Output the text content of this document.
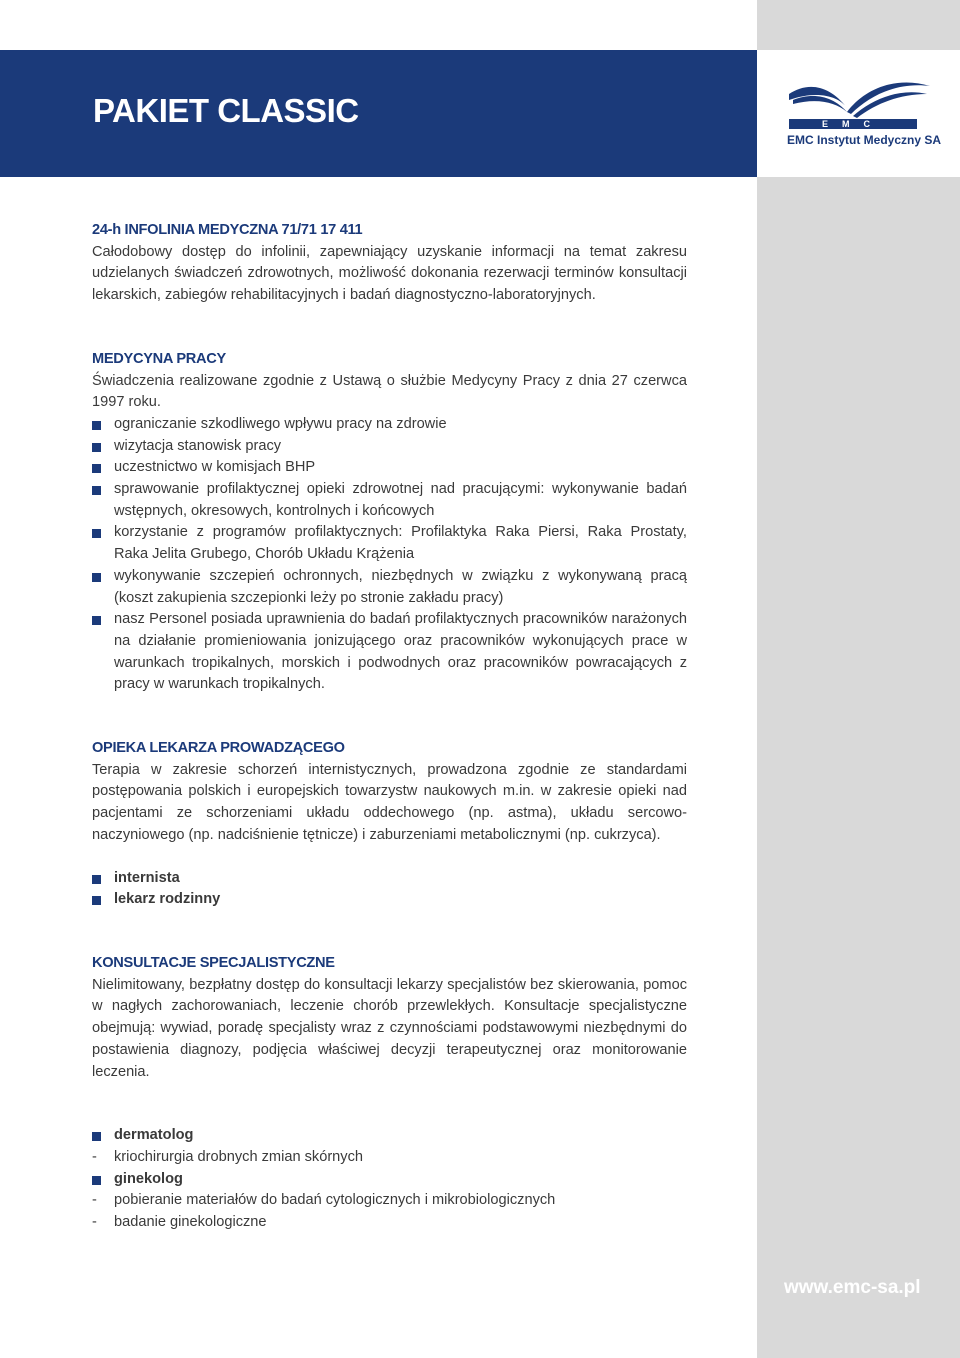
PAKIET CLASSIC	EMC
EMC Instytut Medyczny SA

24-h INFOLINIA MEDYCZNA 71/71 17 411

Całodobowy dostęp do infolinii, zapewniający uzyskanie informacji na temat zakresu udzielanych świadczeń zdrowotnych, możliwość dokonania rezerwacji terminów konsultacji lekarskich, zabiegów rehabilitacyjnych i badań diagnostyczno-laboratoryjnych.

MEDYCYNA PRACY

Świadczenia realizowane zgodnie z Ustawą o służbie Medycyny Pracy z dnia 27 czerwca 1997 roku.

ograniczanie szkodliwego wpływu pracy na zdrowie
wizytacja stanowisk pracy
uczestnictwo w komisjach BHP
sprawowanie profilaktycznej opieki zdrowotnej nad pracującymi: wykonywanie badań wstępnych, okresowych, kontrolnych i końcowych
korzystanie z programów profilaktycznych: Profilaktyka Raka Piersi, Raka Prostaty, Raka Jelita Grubego, Chorób Układu Krążenia
wykonywanie szczepień ochronnych, niezbędnych w związku z wykonywaną pracą (koszt zakupienia szczepionki leży po stronie zakładu pracy)
nasz Personel posiada uprawnienia do badań profilaktycznych pracowników narażonych na działanie promieniowania jonizującego oraz pracowników wykonujących prace w warunkach tropikalnych, morskich i podwodnych oraz pracowników powracających z pracy w warunkach tropikalnych.

OPIEKA LEKARZA PROWADZĄCEGO

Terapia w zakresie schorzeń internistycznych, prowadzona zgodnie ze standardami postępowania polskich i europejskich towarzystw naukowych m.in. w zakresie opieki nad pacjentami ze schorzeniami układu oddechowego (np. astma), układu sercowo-naczyniowego (np. nadciśnienie tętnicze) i zaburzeniami metabolicznymi (np. cukrzyca).

internista
lekarz rodzinny

KONSULTACJE SPECJALISTYCZNE

Nielimitowany, bezpłatny dostęp do konsultacji lekarzy specjalistów bez skierowania, pomoc w nagłych zachorowaniach, leczenie chorób przewlekłych. Konsultacje specjalistyczne obejmują: wywiad, poradę specjalisty wraz z czynnościami podstawowymi niezbędnymi do postawienia diagnozy, podjęcia właściwej decyzji terapeutycznej oraz monitorowanie leczenia.

dermatolog
- kriochirurgia drobnych zmian skórnych
ginekolog
- pobieranie materiałów do badań cytologicznych i mikrobiologicznych
- badanie ginekologiczne
www.emc-sa.pl
